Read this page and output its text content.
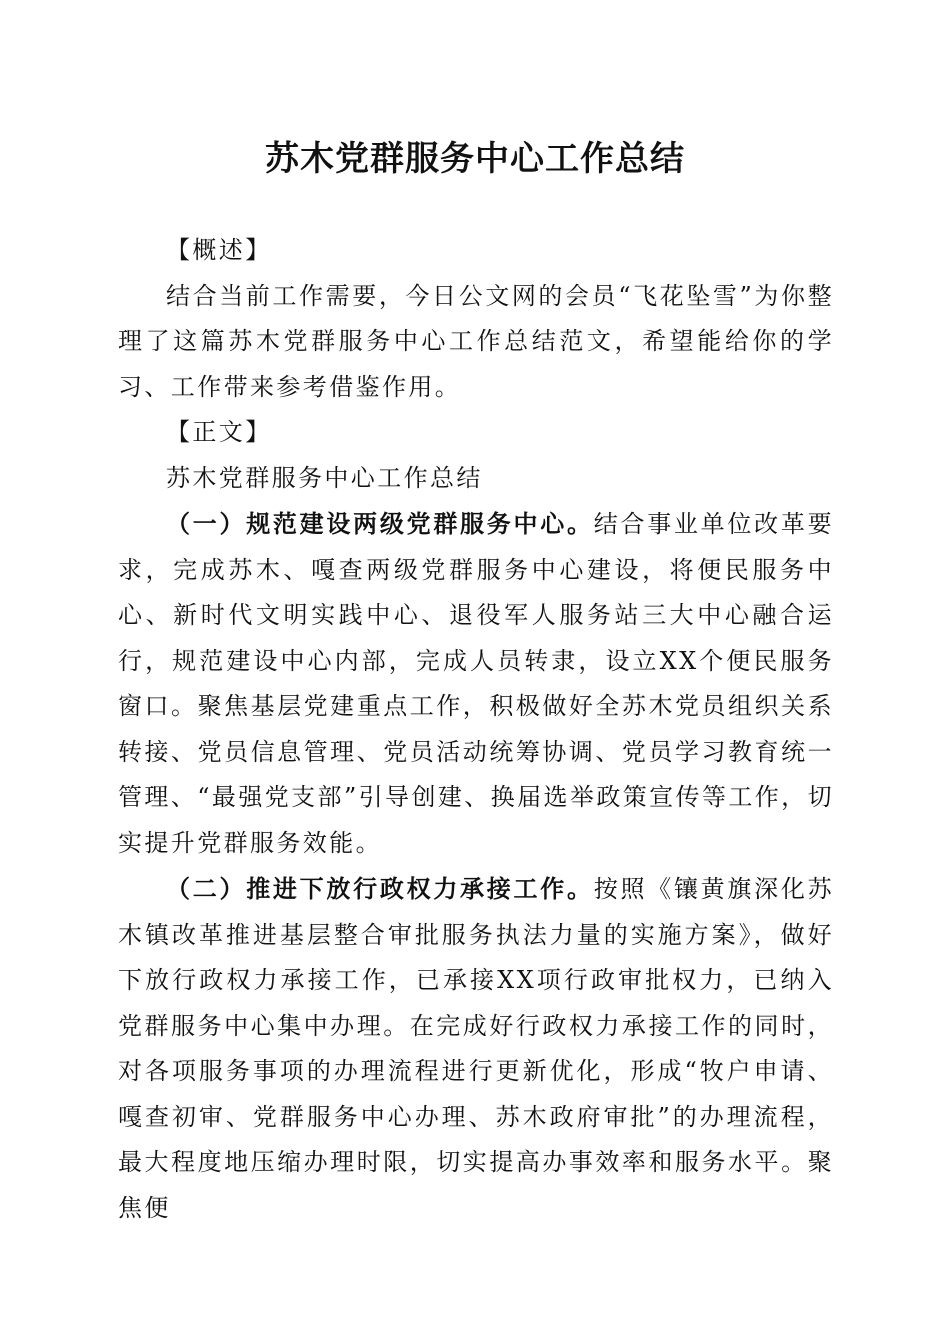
苏木党群服务中心工作总结

【概述】

结合当前工作需要，今日公文网的会员“飞花坠雪”为你整理了这篇苏木党群服务中心工作总结范文，希望能给你的学习、工作带来参考借鉴作用。

【正文】

苏木党群服务中心工作总结

（一）规范建设两级党群服务中心。结合事业单位改革要求，完成苏木、嘎查两级党群服务中心建设，将便民服务中心、新时代文明实践中心、退役军人服务站三大中心融合运行，规范建设中心内部，完成人员转隶，设立XX个便民服务窗口。聚焦基层党建重点工作，积极做好全苏木党员组织关系转接、党员信息管理、党员活动统筹协调、党员学习教育统一管理、“最强党支部”引导创建、换届选举政策宣传等工作，切实提升党群服务效能。

（二）推进下放行政权力承接工作。按照《镶黄旗深化苏木镇改革推进基层整合审批服务执法力量的实施方案》，做好下放行政权力承接工作，已承接XX项行政审批权力，已纳入党群服务中心集中办理。在完成好行政权力承接工作的同时，对各项服务事项的办理流程进行更新优化，形成“牧户申请、嘎查初审、党群服务中心办理、苏木政府审批”的办理流程，最大程度地压缩办理时限，切实提高办事效率和服务水平。聚焦便
